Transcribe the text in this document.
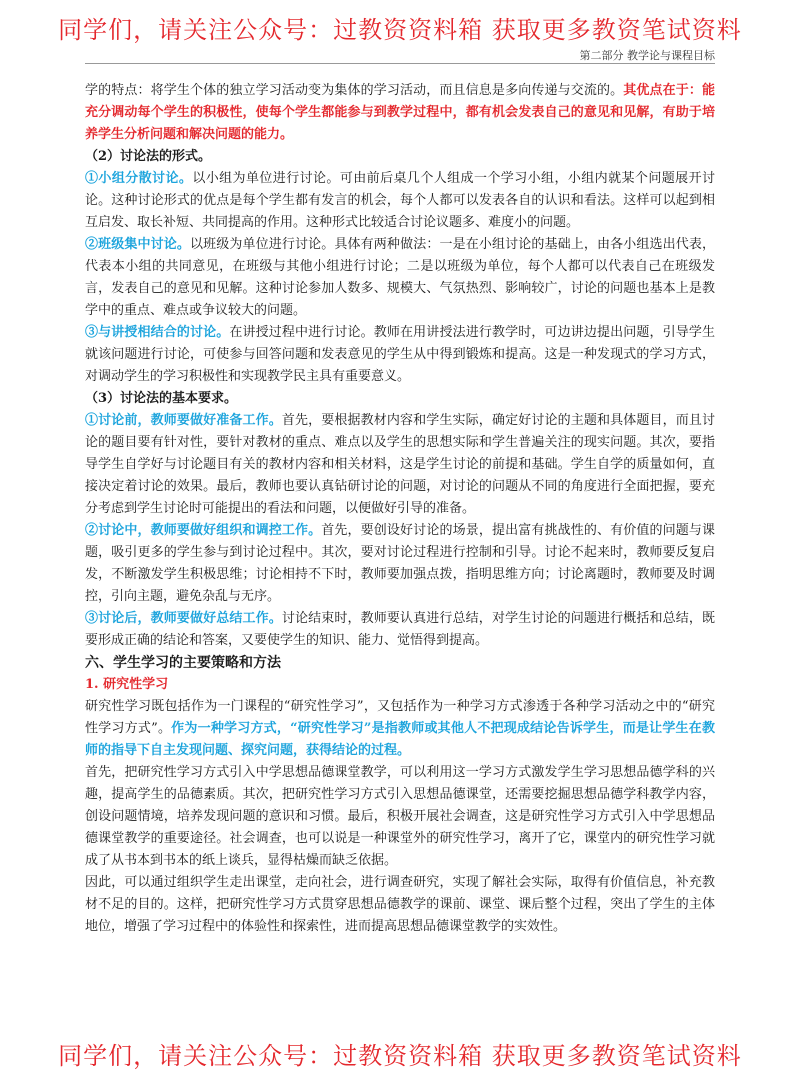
同学们，请关注公众号：过教资资料箱 获取更多教资笔试资料
第二部分 教学论与课程目标

学的特点：将学生个体的独立学习活动变为集体的学习活动，而且信息是多向传递与交流的。其优点在于：能充分调动每个学生的积极性，使每个学生都能参与到教学过程中，都有机会发表自己的意见和见解，有助于培养学生分析问题和解决问题的能力。

（2）讨论法的形式。

①小组分散讨论。以小组为单位进行讨论。可由前后桌几个人组成一个学习小组，小组内就某个问题展开讨论。这种讨论形式的优点是每个学生都有发言的机会，每个人都可以发表各自的认识和看法。这样可以起到相互启发、取长补短、共同提高的作用。这种形式比较适合讨论议题多、难度小的问题。

②班级集中讨论。以班级为单位进行讨论。具体有两种做法：一是在小组讨论的基础上，由各小组选出代表，代表本小组的共同意见，在班级与其他小组进行讨论；二是以班级为单位，每个人都可以代表自己在班级发言，发表自己的意见和见解。这种讨论参加人数多、规模大、气氛热烈、影响较广，讨论的问题也基本上是教学中的重点、难点或争议较大的问题。

③与讲授相结合的讨论。在讲授过程中进行讨论。教师在用讲授法进行教学时，可边讲边提出问题，引导学生就该问题进行讨论，可使参与回答问题和发表意见的学生从中得到锻炼和提高。这是一种发现式的学习方式，对调动学生的学习积极性和实现教学民主具有重要意义。

（3）讨论法的基本要求。

①讨论前，教师要做好准备工作。首先，要根据教材内容和学生实际，确定好讨论的主题和具体题目，而且讨论的题目要有针对性，要针对教材的重点、难点以及学生的思想实际和学生普遍关注的现实问题。其次，要指导学生自学好与讨论题目有关的教材内容和相关材料，这是学生讨论的前提和基础。学生自学的质量如何，直接决定着讨论的效果。最后，教师也要认真钻研讨论的问题，对讨论的问题从不同的角度进行全面把握，要充分考虑到学生讨论时可能提出的看法和问题，以便做好引导的准备。

②讨论中，教师要做好组织和调控工作。首先，要创设好讨论的场景，提出富有挑战性的、有价值的问题与课题，吸引更多的学生参与到讨论过程中。其次，要对讨论过程进行控制和引导。讨论不起来时，教师要反复启发，不断激发学生积极思维；讨论相持不下时，教师要加强点拨，指明思维方向；讨论离题时，教师要及时调控，引向主题，避免杂乱与无序。

③讨论后，教师要做好总结工作。讨论结束时，教师要认真进行总结，对学生讨论的问题进行概括和总结，既要形成正确的结论和答案，又要使学生的知识、能力、觉悟得到提高。

六、学生学习的主要策略和方法

1. 研究性学习

研究性学习既包括作为一门课程的“研究性学习”，又包括作为一种学习方式渗透于各种学习活动之中的“研究性学习方式”。作为一种学习方式，“研究性学习”是指教师或其他人不把现成结论告诉学生，而是让学生在教师的指导下自主发现问题、探究问题，获得结论的过程。

首先，把研究性学习方式引入中学思想品德课堂教学，可以利用这一学习方式激发学生学习思想品德学科的兴趣，提高学生的品德素质。其次，把研究性学习方式引入思想品德课堂，还需要挖掘思想品德学科教学内容，创设问题情境，培养发现问题的意识和习惯。最后，积极开展社会调查，这是研究性学习方式引入中学思想品德课堂教学的重要途径。社会调查，也可以说是一种课堂外的研究性学习，离开了它，课堂内的研究性学习就成了从书本到书本的纸上谈兵，显得枯燥而缺乏依据。

因此，可以通过组织学生走出课堂，走向社会，进行调查研究，实现了解社会实际，取得有价值信息，补充教材不足的目的。这样，把研究性学习方式贯穿思想品德教学的课前、课堂、课后整个过程，突出了学生的主体地位，增强了学习过程中的体验性和探索性，进而提高思想品德课堂教学的实效性。

同学们，请关注公众号：过教资资料箱 获取更多教资笔试资料
